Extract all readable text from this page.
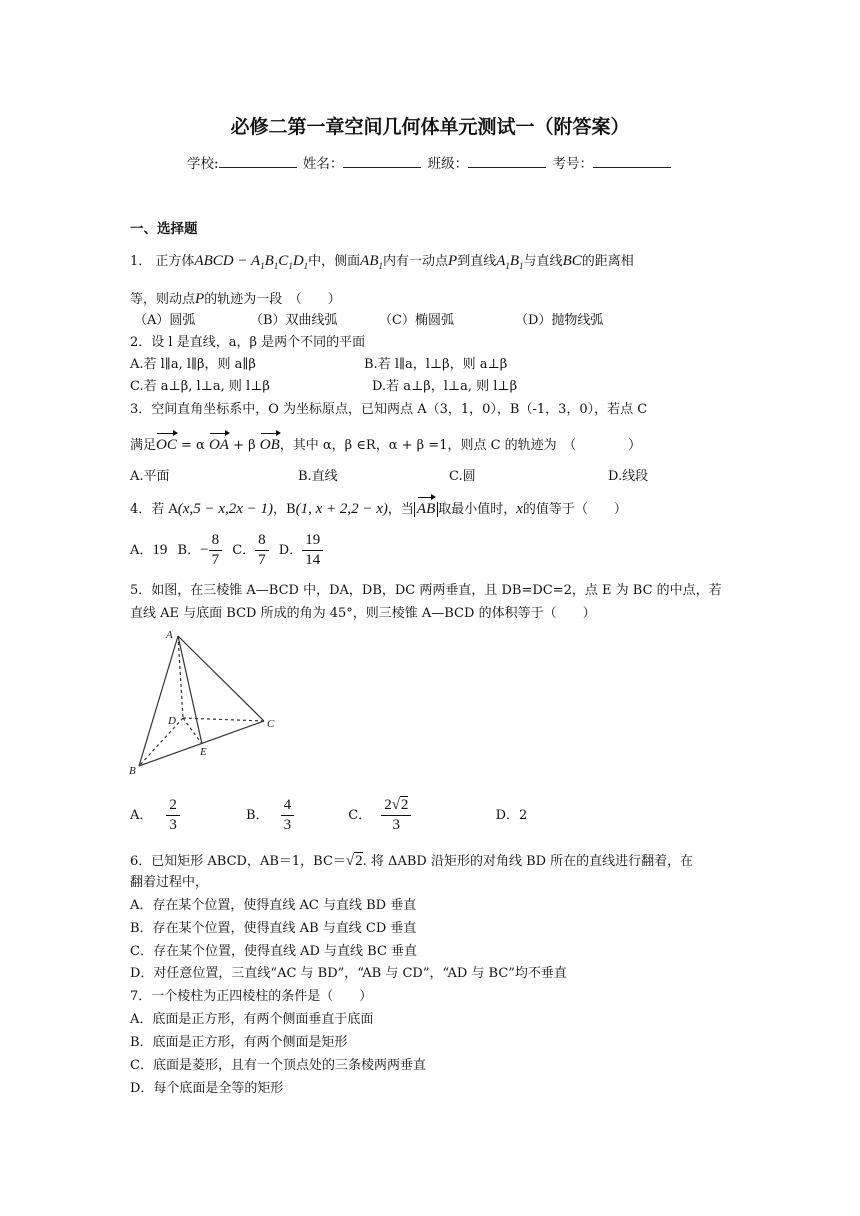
必修二第一章空间几何体单元测试一（附答案）
学校:	姓名：	班级：	考号：
一、选择题
1． 正方体ABCD − $A_1B_1C_1D_1$中，侧面$AB_1$内有一动点P到直线$A_1B_1$与直线BC的距离相
等，则动点P的轨迹为一段　（　　）
（A）圆弧	（B）双曲线弧	（C）椭圆弧	（D）抛物线弧
2．设 l 是直线，a，β 是两个不同的平面
A.若 l∥a, l∥β，则 a∥β	B.若 l∥a，l⊥β，则 a⊥β
C.若 a⊥β, l⊥a, 则 l⊥β	D.若 a⊥β，l⊥a, 则 l⊥β
3．空间直角坐标系中，O 为坐标原点，已知两点 A（3，1，0），B（-1，3，0），若点 C
满足OC = α OA + β OB，其中 α，β ∈R，α + β =1，则点 C 的轨迹为　（　　　　）
A.平面	B.直线	C.圆	D.线段
4．若 A(x,5 − x,2x − 1)，B(1, x + 2,2 − x)，当 AB 取最小值时，x的值等于（　　）
A．19 B．− $\frac{8}{7}$ C． $\frac{8}{7}$ D． $\frac{19}{14}$
5．如图，在三棱锥 A—BCD 中，DA，DB，DC 两两垂直，且 DB=DC=2，点 E 为 BC 的中点，若
直线 AE 与底面 BCD 所成的角为 45°，则三棱锥 A—BCD 的体积等于（　　）
A
B
C
D
E
A． $\frac{2}{3}$	B． $\frac{4}{3}$	C． $\frac{2√2}{3}$	D．2
6．已知矩形 ABCD，AB＝1，BC＝√2. 将 ΔABD 沿矩形的对角线 BD 所在的直线进行翻着，在
翻着过程中，
A．存在某个位置，使得直线 AC 与直线 BD 垂直
B．存在某个位置，使得直线 AB 与直线 CD 垂直
C．存在某个位置，使得直线 AD 与直线 BC 垂直
D．对任意位置，三直线“AC 与 BD”，“AB 与 CD”，“AD 与 BC”均不垂直
7．一个棱柱为正四棱柱的条件是（　　）
A．底面是正方形，有两个侧面垂直于底面
B．底面是正方形，有两个侧面是矩形
C．底面是菱形，且有一个顶点处的三条棱两两垂直
D．每个底面是全等的矩形
